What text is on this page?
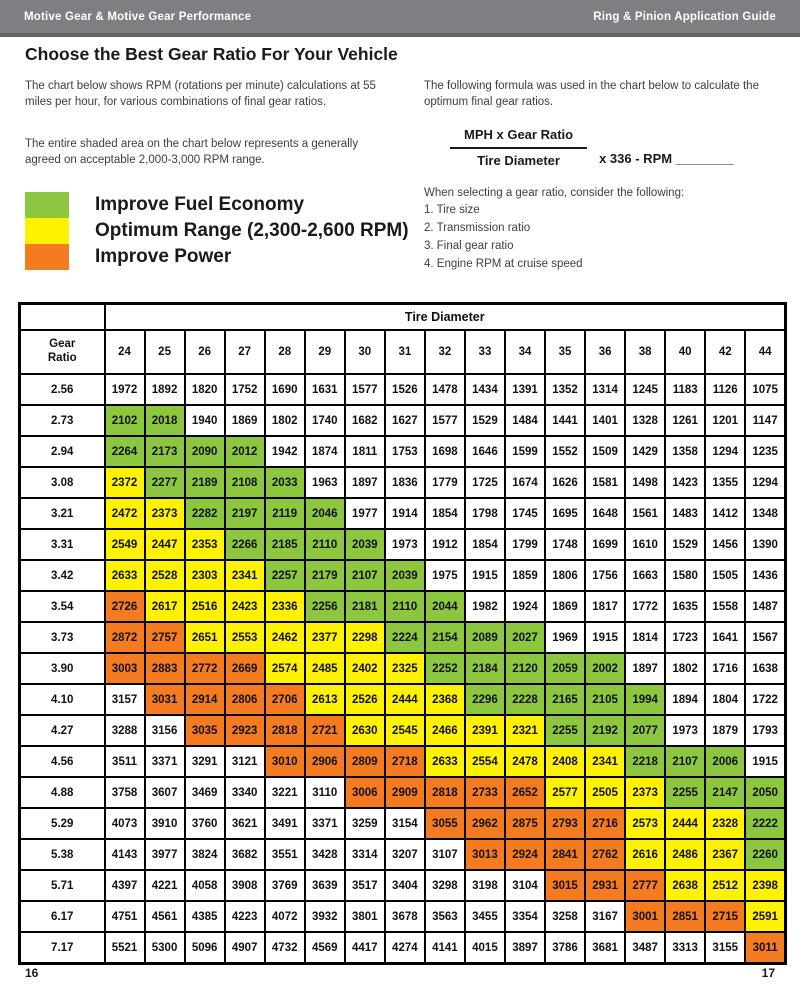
Motive Gear & Motive Gear Performance	Ring & Pinion Application Guide
Choose the Best Gear Ratio For Your Vehicle
The chart below shows RPM (rotations per minute) calculations at 55 miles per hour, for various combinations of final gear ratios.
The entire shaded area on the chart below represents a generally agreed on acceptable 2,000-3,000 RPM range.
The following formula was used in the chart below to calculate the optimum final gear ratios.
$\frac{\text{MPH x Gear Ratio}}{\text{Tire Diameter}}$ x 336 - RPM ________
When selecting a gear ratio, consider the following:
1. Tire size
2. Transmission ratio
3. Final gear ratio
4. Engine RPM at cruise speed
Improve Fuel Economy
Optimum Range (2,300-2,600 RPM)
Improve Power
	Tire Diameter																
Gear
Ratio	24	25	26	27	28	29	30	31	32	33	34	35	36	38	40	42	44
2.56	1972	1892	1820	1752	1690	1631	1577	1526	1478	1434	1391	1352	1314	1245	1183	1126	1075
2.73	2102	2018	1940	1869	1802	1740	1682	1627	1577	1529	1484	1441	1401	1328	1261	1201	1147
2.94	2264	2173	2090	2012	1942	1874	1811	1753	1698	1646	1599	1552	1509	1429	1358	1294	1235
3.08	2372	2277	2189	2108	2033	1963	1897	1836	1779	1725	1674	1626	1581	1498	1423	1355	1294
3.21	2472	2373	2282	2197	2119	2046	1977	1914	1854	1798	1745	1695	1648	1561	1483	1412	1348
3.31	2549	2447	2353	2266	2185	2110	2039	1973	1912	1854	1799	1748	1699	1610	1529	1456	1390
3.42	2633	2528	2303	2341	2257	2179	2107	2039	1975	1915	1859	1806	1756	1663	1580	1505	1436
3.54	2726	2617	2516	2423	2336	2256	2181	2110	2044	1982	1924	1869	1817	1772	1635	1558	1487
3.73	2872	2757	2651	2553	2462	2377	2298	2224	2154	2089	2027	1969	1915	1814	1723	1641	1567
3.90	3003	2883	2772	2669	2574	2485	2402	2325	2252	2184	2120	2059	2002	1897	1802	1716	1638
4.10	3157	3031	2914	2806	2706	2613	2526	2444	2368	2296	2228	2165	2105	1994	1894	1804	1722
4.27	3288	3156	3035	2923	2818	2721	2630	2545	2466	2391	2321	2255	2192	2077	1973	1879	1793
4.56	3511	3371	3291	3121	3010	2906	2809	2718	2633	2554	2478	2408	2341	2218	2107	2006	1915
4.88	3758	3607	3469	3340	3221	3110	3006	2909	2818	2733	2652	2577	2505	2373	2255	2147	2050
5.29	4073	3910	3760	3621	3491	3371	3259	3154	3055	2962	2875	2793	2716	2573	2444	2328	2222
5.38	4143	3977	3824	3682	3551	3428	3314	3207	3107	3013	2924	2841	2762	2616	2486	2367	2260
5.71	4397	4221	4058	3908	3769	3639	3517	3404	3298	3198	3104	3015	2931	2777	2638	2512	2398
6.17	4751	4561	4385	4223	4072	3932	3801	3678	3563	3455	3354	3258	3167	3001	2851	2715	2591
7.17	5521	5300	5096	4907	4732	4569	4417	4274	4141	4015	3897	3786	3681	3487	3313	3155	3011
16	17
